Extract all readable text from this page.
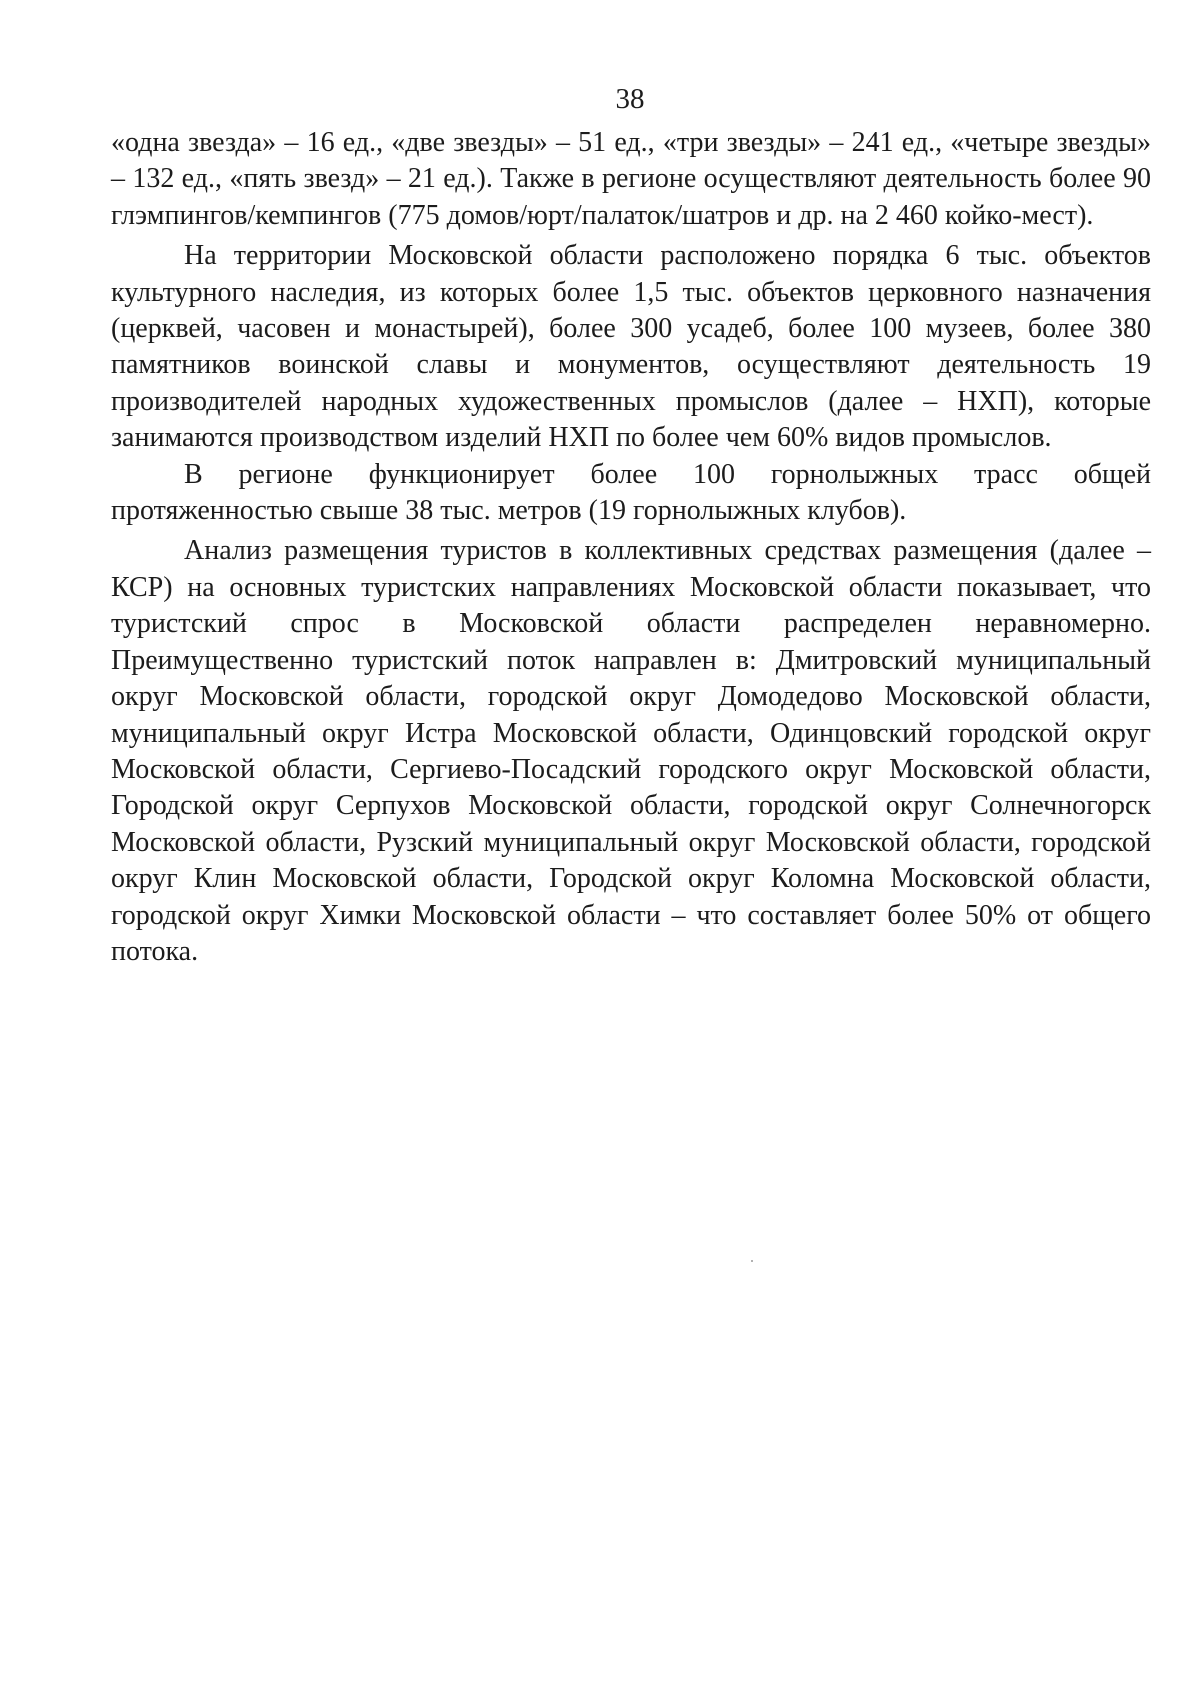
38

«одна звезда» – 16 ед., «две звезды» – 51 ед., «три звезды» – 241 ед., «четыре звезды» – 132 ед., «пять звезд» – 21 ед.). Также в регионе осуществляют деятельность более 90 глэмпингов/кемпингов (775 домов/юрт/палаток/шатров и др. на 2 460 койко-мест).

На территории Московской области расположено порядка 6 тыс. объектов культурного наследия, из которых более 1,5 тыс. объектов церковного назначения (церквей, часовен и монастырей), более 300 усадеб, более 100 музеев, более 380 памятников воинской славы и монументов, осуществляют деятельность 19 производителей народных художественных промыслов (далее – НХП), которые занимаются производством изделий НХП по более чем 60% видов промыслов.

В регионе функционирует более 100 горнолыжных трасс общей протяженностью свыше 38 тыс. метров (19 горнолыжных клубов).

Анализ размещения туристов в коллективных средствах размещения (далее – КСР) на основных туристских направлениях Московской области показывает, что туристский спрос в Московской области распределен неравномерно. Преимущественно туристский поток направлен в: Дмитровский муниципальный округ Московской области, городской округ Домодедово Московской области, муниципальный округ Истра Московской области, Одинцовский городской округ Московской области, Сергиево-Посадский городского округ Московской области, Городской округ Серпухов Московской области, городской округ Солнечногорск Московской области, Рузский муниципальный округ Московской области, городской округ Клин Московской области, Городской округ Коломна Московской области, городской округ Химки Московской области – что составляет более 50% от общего потока.
